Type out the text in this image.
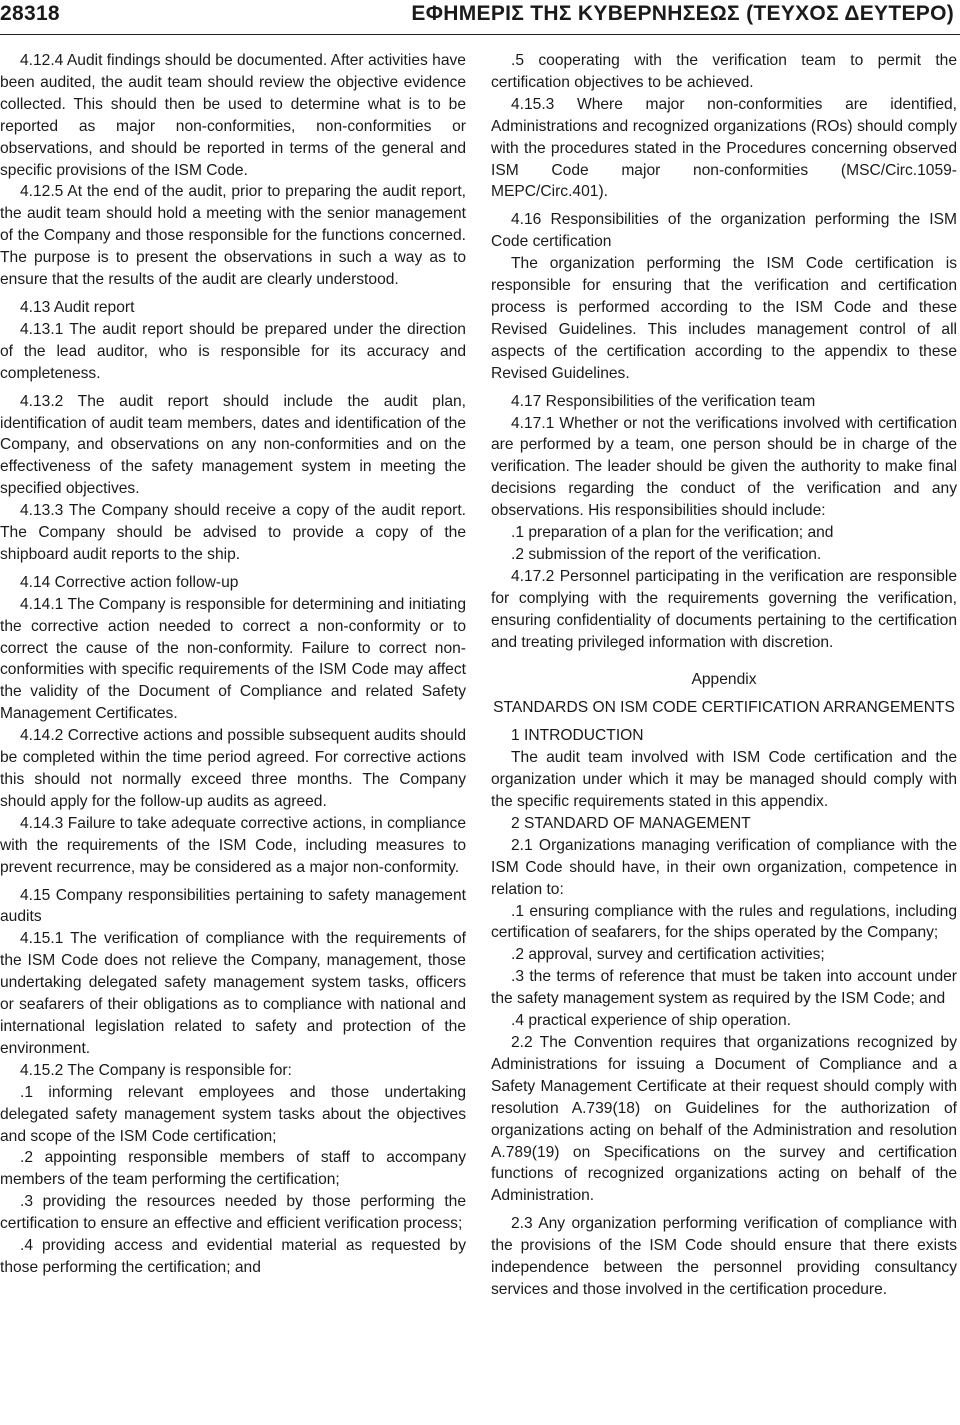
28318	ΕΦΗΜΕΡΙΣ ΤΗΣ ΚΥΒΕΡΝΗΣΕΩΣ (ΤΕΥΧΟΣ ΔΕΥΤΕΡΟ)

4.12.4 Audit findings should be documented. After activities have been audited, the audit team should review the objective evidence collected. This should then be used to determine what is to be reported as major non-conformities, non-conformities or observations, and should be reported in terms of the general and specific provisions of the ISM Code.

4.12.5 At the end of the audit, prior to preparing the audit report, the audit team should hold a meeting with the senior management of the Company and those responsible for the functions concerned. The purpose is to present the observations in such a way as to ensure that the results of the audit are clearly understood.

4.13 Audit report

4.13.1 The audit report should be prepared under the direction of the lead auditor, who is responsible for its accuracy and completeness.

4.13.2 The audit report should include the audit plan, identification of audit team members, dates and identification of the Company, and observations on any non-conformities and on the effectiveness of the safety management system in meeting the specified objectives.

4.13.3 The Company should receive a copy of the audit report. The Company should be advised to provide a copy of the shipboard audit reports to the ship.

4.14 Corrective action follow-up

4.14.1 The Company is responsible for determining and initiating the corrective action needed to correct a non-conformity or to correct the cause of the non-conformity. Failure to correct non-conformities with specific requirements of the ISM Code may affect the validity of the Document of Compliance and related Safety Management Certificates.

4.14.2 Corrective actions and possible subsequent audits should be completed within the time period agreed. For corrective actions this should not normally exceed three months. The Company should apply for the follow-up audits as agreed.

4.14.3 Failure to take adequate corrective actions, in compliance with the requirements of the ISM Code, including measures to prevent recurrence, may be considered as a major non-conformity.

4.15 Company responsibilities pertaining to safety management audits

4.15.1 The verification of compliance with the requirements of the ISM Code does not relieve the Company, management, those undertaking delegated safety management system tasks, officers or seafarers of their obligations as to compliance with national and international legislation related to safety and protection of the environment.

4.15.2 The Company is responsible for:

.1 informing relevant employees and those undertaking delegated safety management system tasks about the objectives and scope of the ISM Code certification;

.2 appointing responsible members of staff to accompany members of the team performing the certification;

.3 providing the resources needed by those performing the certification to ensure an effective and efficient verification process;

.4 providing access and evidential material as requested by those performing the certification; and

.5 cooperating with the verification team to permit the certification objectives to be achieved.

4.15.3 Where major non-conformities are identified, Administrations and recognized organizations (ROs) should comply with the procedures stated in the Procedures concerning observed ISM Code major non-conformities (MSC/Circ.1059-MEPC/Circ.401).

4.16 Responsibilities of the organization performing the ISM Code certification

The organization performing the ISM Code certification is responsible for ensuring that the verification and certification process is performed according to the ISM Code and these Revised Guidelines. This includes management control of all aspects of the certification according to the appendix to these Revised Guidelines.

4.17 Responsibilities of the verification team

4.17.1 Whether or not the verifications involved with certification are performed by a team, one person should be in charge of the verification. The leader should be given the authority to make final decisions regarding the conduct of the verification and any observations. His responsibilities should include:

.1 preparation of a plan for the verification; and

.2 submission of the report of the verification.

4.17.2 Personnel participating in the verification are responsible for complying with the requirements governing the verification, ensuring confidentiality of documents pertaining to the certification and treating privileged information with discretion.

Appendix

STANDARDS ON ISM CODE CERTIFICATION ARRANGEMENTS

1 INTRODUCTION

The audit team involved with ISM Code certification and the organization under which it may be managed should comply with the specific requirements stated in this appendix.

2 STANDARD OF MANAGEMENT

2.1 Organizations managing verification of compliance with the ISM Code should have, in their own organization, competence in relation to:

.1 ensuring compliance with the rules and regulations, including certification of seafarers, for the ships operated by the Company;

.2 approval, survey and certification activities;

.3 the terms of reference that must be taken into account under the safety management system as required by the ISM Code; and

.4 practical experience of ship operation.

2.2 The Convention requires that organizations recognized by Administrations for issuing a Document of Compliance and a Safety Management Certificate at their request should comply with resolution A.739(18) on Guidelines for the authorization of organizations acting on behalf of the Administration and resolution A.789(19) on Specifications on the survey and certification functions of recognized organizations acting on behalf of the Administration.

2.3 Any organization performing verification of compliance with the provisions of the ISM Code should ensure that there exists independence between the personnel providing consultancy services and those involved in the certification procedure.
